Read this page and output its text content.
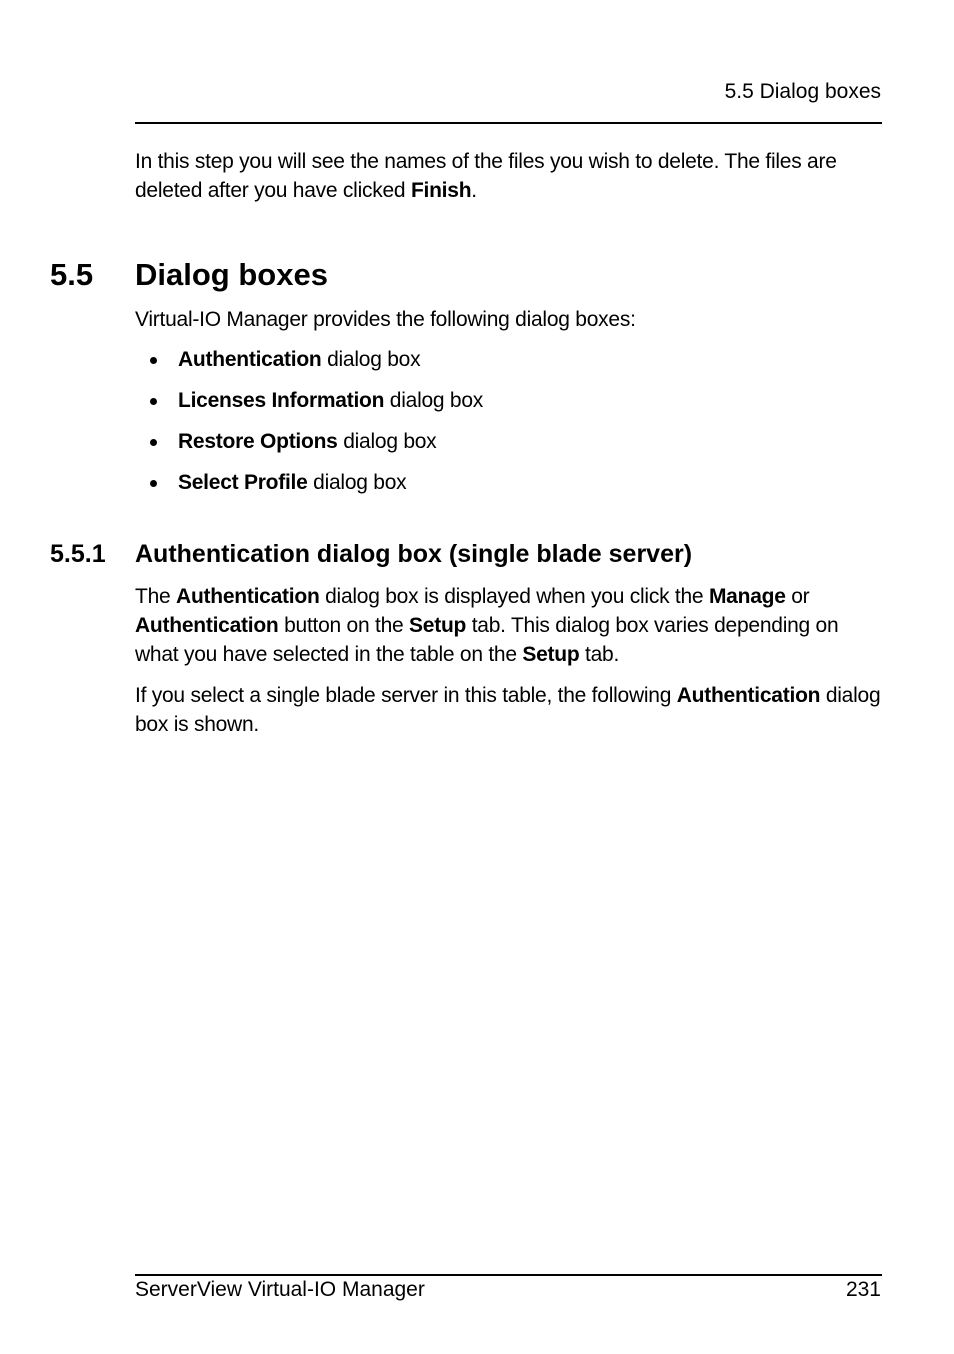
5.5 Dialog boxes

In this step you will see the names of the files you wish to delete. The files are deleted after you have clicked Finish.

5.5 Dialog boxes

Virtual-IO Manager provides the following dialog boxes:

Authentication dialog box
Licenses Information dialog box
Restore Options dialog box
Select Profile dialog box
5.5.1 Authentication dialog box (single blade server)

The Authentication dialog box is displayed when you click the Manage or Authentication button on the Setup tab. This dialog box varies depending on what you have selected in the table on the Setup tab.

If you select a single blade server in this table, the following Authentication dialog box is shown.

ServerView Virtual-IO Manager	231
